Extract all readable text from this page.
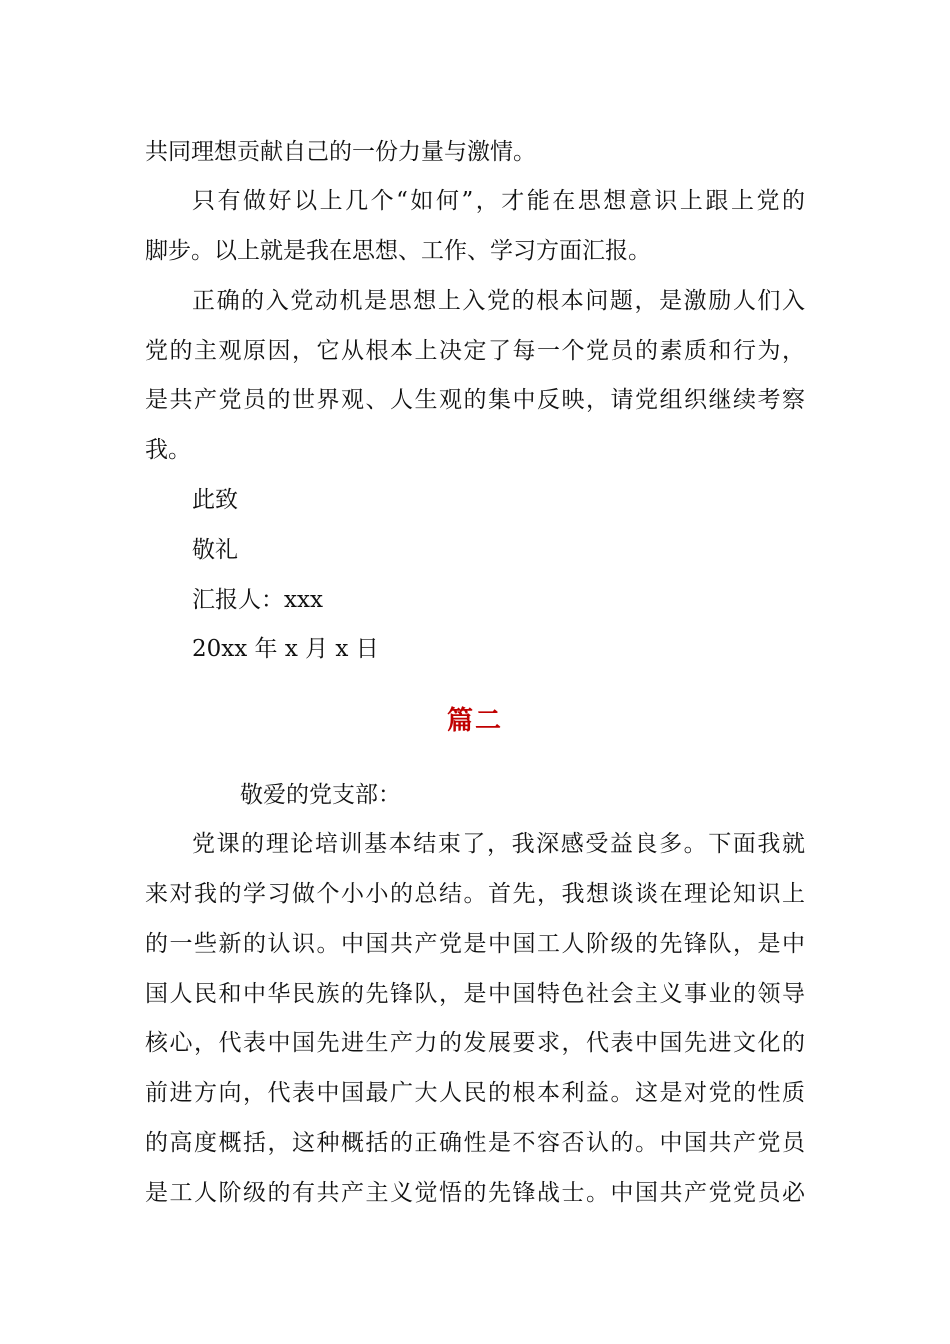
共同理想贡献自己的一份力量与激情。
只有做好以上几个“如何”，才能在思想意识上跟上党的
脚步。以上就是我在思想、工作、学习方面汇报。
正确的入党动机是思想上入党的根本问题，是激励人们入
党的主观原因，它从根本上决定了每一个党员的素质和行为，
是共产党员的世界观、人生观的集中反映，请党组织继续考察
我。
此致
敬礼
汇报人：xxx
20xx 年 x 月 x 日
篇二
敬爱的党支部：
党课的理论培训基本结束了，我深感受益良多。下面我就
来对我的学习做个小小的总结。首先，我想谈谈在理论知识上
的一些新的认识。中国共产党是中国工人阶级的先锋队，是中
国人民和中华民族的先锋队，是中国特色社会主义事业的领导
核心，代表中国先进生产力的发展要求，代表中国先进文化的
前进方向，代表中国最广大人民的根本利益。这是对党的性质
的高度概括，这种概括的正确性是不容否认的。中国共产党员
是工人阶级的有共产主义觉悟的先锋战士。中国共产党党员必
